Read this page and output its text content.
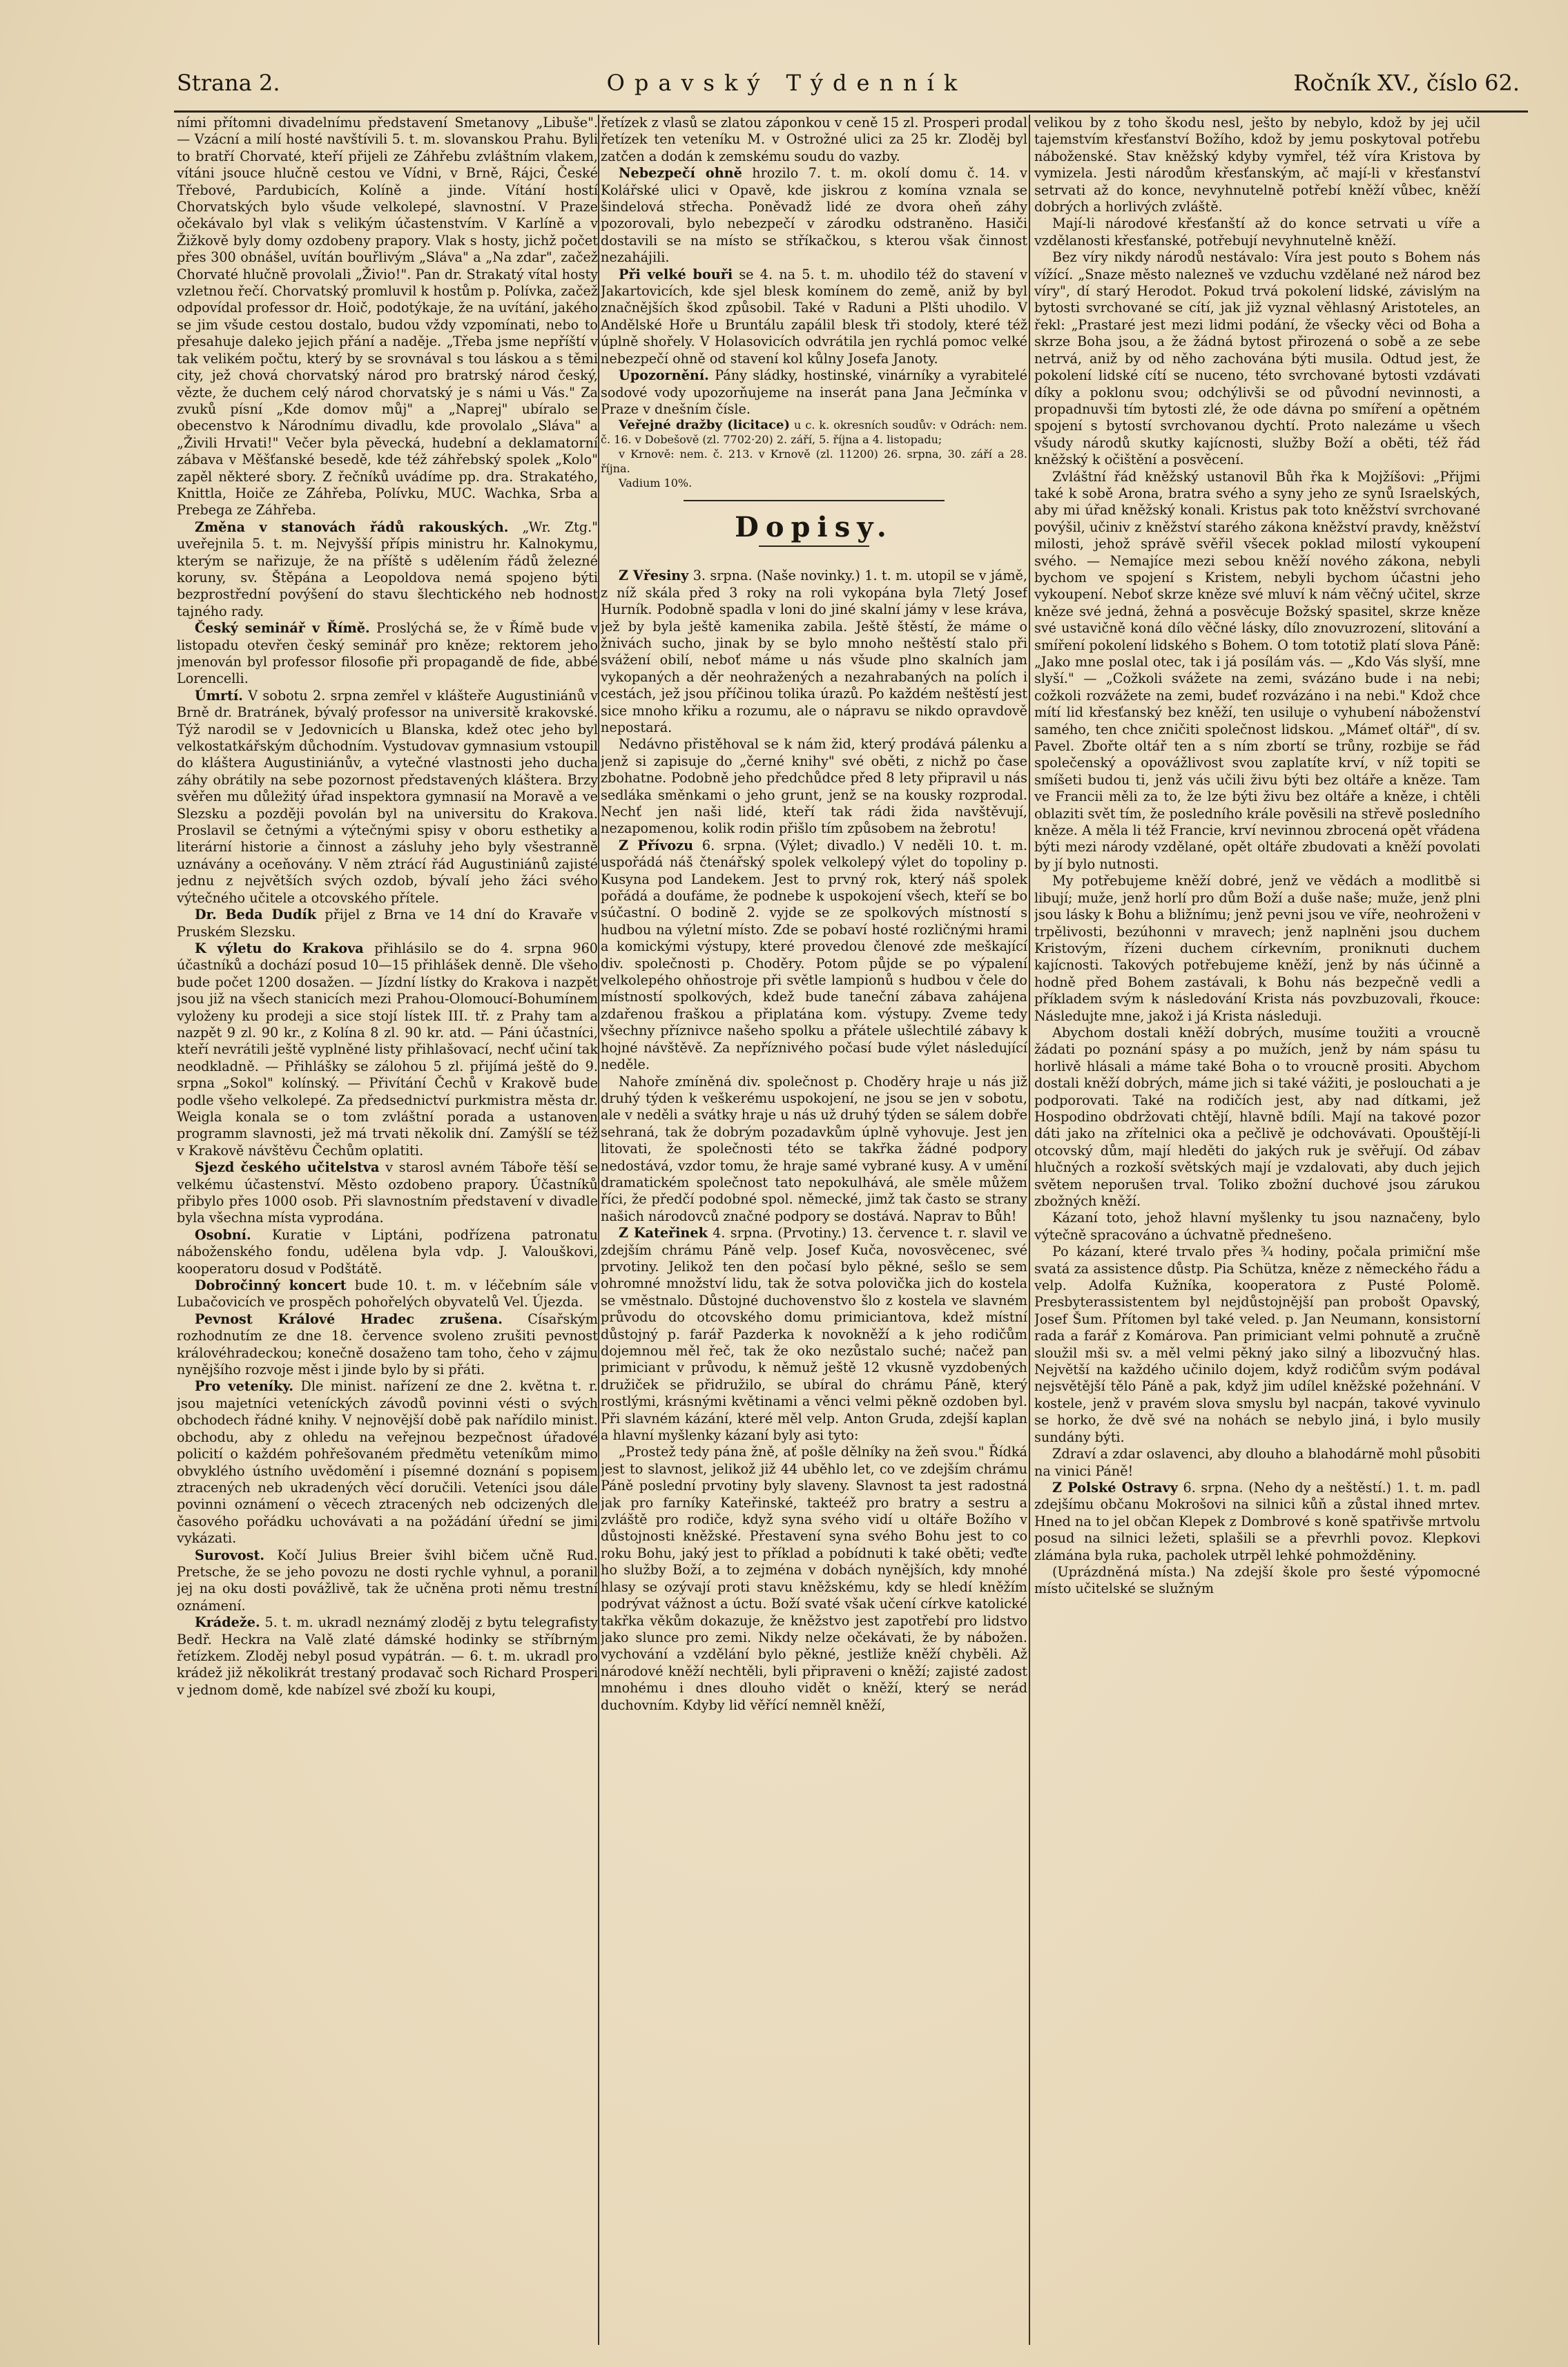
Strana 2.	Opavský Týdenník	Ročník XV., číslo 62.

ními přítomni divadelnímu představení Smetanovy „Libuše". — Vzácní a milí hosté navštívili 5. t. m. slovanskou Prahu. Byli to bratří Chorvaté, kteří přijeli ze Záhřebu zvláštním vlakem, vítáni jsouce hlučně cestou ve Vídni, v Brně, Rájci, České Třebové, Pardubicích, Kolíně a jinde. Vítání hostí Chorvatských bylo všude velkolepé, slavnostní. V Praze očekávalo byl vlak s velikým účastenstvím. V Karlíně a v Žižkově byly domy ozdobeny prapory. Vlak s hosty, jichž počet přes 300 obnášel, uvítán bouřlivým „Sláva" a „Na zdar", začež Chorvaté hlučně provolali „Živio!". Pan dr. Strakatý vítal hosty vzletnou řečí. Chorvatský promluvil k hostům p. Polívka, začež odpovídal professor dr. Hoič, podotýkaje, že na uvítání, jakého se jim všude cestou dostalo, budou vždy vzpomínati, nebo to přesahuje daleko jejich přání a naděje. „Třeba jsme nepříští v tak velikém počtu, který by se srovnával s tou láskou a s těmi city, jež chová chorvatský národ pro bratrský národ český, vězte, že duchem celý národ chorvatský je s námi u Vás." Za zvuků písní „Kde domov můj" a „Naprej" ubíralo se obecenstvo k Národnímu divadlu, kde provolalo „Sláva" a „Živili Hrvati!" Večer byla pěvecká, hudební a deklamatorní zábava v Měšťanské besedě, kde též záhřebský spolek „Kolo" zapěl některé sbory. Z řečníků uvádíme pp. dra. Strakatého, Knittla, Hoiče ze Záhřeba, Polívku, MUC. Wachka, Srba a Prebega ze Záhřeba.

Změna v stanovách řádů rakouských. „Wr. Ztg." uveřejnila 5. t. m. Nejvyšší přípis ministru hr. Kalnokymu, kterým se nařizuje, že na příště s udělením řádů železné koruny, sv. Štěpána a Leopoldova nemá spojeno býti bezprostřední povýšení do stavu šlechtického neb hodnost tajného rady.

Český seminář v Římě. Proslýchá se, že v Římě bude v listopadu otevřen český seminář pro kněze; rektorem jeho jmenován byl professor filosofie při propagandě de fide, abbé Lorencelli.

Úmrtí. V sobotu 2. srpna zemřel v klášteře Augustiniánů v Brně dr. Bratránek, bývalý professor na universitě krakovské. Týž narodil se v Jedovnicích u Blanska, kdež otec jeho byl velkostatkářským důchodním. Vystudovav gymnasium vstoupil do kláštera Augustiniánův, a vytečné vlastnosti jeho ducha záhy obrátily na sebe pozornost představených kláštera. Brzy svěřen mu důležitý úřad inspektora gymnasií na Moravě a ve Slezsku a později povolán byl na universitu do Krakova. Proslavil se četnými a výtečnými spisy v oboru esthetiky a literární historie a činnost a zásluhy jeho byly všestranně uznávány a oceňovány. V něm ztrácí řád Augustiniánů zajisté jednu z největších svých ozdob, bývalí jeho žáci svého výtečného učitele a otcovského přítele.

Dr. Beda Dudík přijel z Brna ve 14 dní do Kravaře v Pruském Slezsku.

K výletu do Krakova přihlásilo se do 4. srpna 960 účastníků a dochází posud 10—15 přihlášek denně. Dle všeho bude počet 1200 dosažen. — Jízdní lístky do Krakova i nazpět jsou již na všech stanicích mezi Prahou-Olomoucí-Bohumínem vyloženy ku prodeji a sice stojí lístek III. tř. z Prahy tam a nazpět 9 zl. 90 kr., z Kolína 8 zl. 90 kr. atd. — Páni účastníci, kteří nevrátili ještě vyplněné listy přihlašovací, nechť učiní tak neodkladně. — Přihlášky se zálohou 5 zl. přijímá ještě do 9. srpna „Sokol" kolínský. — Přivítání Čechů v Krakově bude podle všeho velkolepé. Za předsednictví purkmistra města dr. Weigla konala se o tom zvláštní porada a ustanoven programm slavnosti, jež má trvati několik dní. Zamýšlí se též v Krakově návštěvu Čechům oplatiti.

Sjezd českého učitelstva v starosl avném Táboře těší se velkému účastenství. Město ozdobeno prapory. Účastníků přibylo přes 1000 osob. Při slavnostním představení v divadle byla všechna místa vyprodána.

Osobní. Kuratie v Liptáni, podřízena patronatu náboženského fondu, udělena byla vdp. J. Valouškovi, kooperatoru dosud v Podštátě.

Dobročinný koncert bude 10. t. m. v léčebním sále v Lubačovicích ve prospěch pohořelých obyvatelů Vel. Újezda.

Pevnost Králové Hradec zrušena. Císařským rozhodnutím ze dne 18. července svoleno zrušiti pevnost královéhradeckou; konečně dosaženo tam toho, čeho v zájmu nynějšího rozvoje měst i jinde bylo by si přáti.

Pro veteníky. Dle minist. nařízení ze dne 2. května t. r. jsou majetníci veteníckých závodů povinni vésti o svých obchodech řádné knihy. V nejnovější době pak nařídilo minist. obchodu, aby z ohledu na veřejnou bezpečnost úřadové policití o každém pohřešovaném předmětu veteníkům mimo obvyklého ústního uvědomění i písemné doznání s popisem ztracených neb ukradených věcí doručili. Veteníci jsou dále povinni oznámení o věcech ztracených neb odcizených dle časového pořádku uchovávati a na požádání úřední se jimi vykázati.

Surovost. Kočí Julius Breier švihl bičem učně Rud. Pretsche, že se jeho povozu ne dosti rychle vyhnul, a poranil jej na oku dosti povážlivě, tak že učněna proti němu trestní oznámení.

Krádeže. 5. t. m. ukradl neznámý zloděj z bytu telegrafisty Bedř. Heckra na Valě zlaté dámské hodinky se stříbrným řetízkem. Zloděj nebyl posud vypátrán. — 6. t. m. ukradl pro krádež již několikrát trestaný prodavač soch Richard Prosperi v jednom domě, kde nabízel své zboží ku koupi,

řetízek z vlasů se zlatou záponkou v ceně 15 zl. Prosperi prodal řetízek ten veteníku M. v Ostrožné ulici za 25 kr. Zloděj byl zatčen a dodán k zemskému soudu do vazby.

Nebezpečí ohně hrozilo 7. t. m. okolí domu č. 14. v Kolářské ulici v Opavě, kde jiskrou z komína vznala se šindelová střecha. Poněvadž lidé ze dvora oheň záhy pozorovali, bylo nebezpečí v zárodku odstraněno. Hasiči dostavili se na místo se stříkačkou, s kterou však činnost nezahájili.

Při velké bouři se 4. na 5. t. m. uhodilo též do stavení v Jakartovicích, kde sjel blesk komínem do země, aniž by byl značnějších škod způsobil. Také v Raduni a Plšti uhodilo. V Andělské Hoře u Bruntálu zapálil blesk tři stodoly, které též úplně shořely. V Holasovicích odvrátila jen rychlá pomoc velké nebezpečí ohně od stavení kol kůlny Josefa Janoty.

Upozornění. Pány sládky, hostinské, vinárníky a vyrabitelé sodové vody upozorňujeme na inserát pana Jana Ječmínka v Praze v dnešním čísle.

Veřejné dražby (licitace) u c. k. okresních soudův: v Odrách: nem. č. 16. v Dobešově (zl. 7702·20) 2. září, 5. října a 4. listopadu;

v Krnově: nem. č. 213. v Krnově (zl. 11200) 26. srpna, 30. září a 28. října.

Vadium 10%.

Dopisy.

Z Vřesiny 3. srpna. (Naše novinky.) 1. t. m. utopil se v jámě, z níž skála před 3 roky na roli vykopána byla 7letý Josef Hurník. Podobně spadla v loni do jiné skalní jámy v lese kráva, jež by byla ještě kamenika zabila. Ještě štěstí, že máme o žnivách sucho, jinak by se bylo mnoho neštěstí stalo při svážení obilí, neboť máme u nás všude plno skalních jam vykopaných a děr neohražených a nezahrabaných na polích i cestách, jež jsou příčinou tolika úrazů. Po každém neštěstí jest sice mnoho křiku a rozumu, ale o nápravu se nikdo opravdově nepostará.

Nedávno přistěhoval se k nám žid, který prodává pálenku a jenž si zapisuje do „černé knihy" své oběti, z nichž po čase zbohatne. Podobně jeho předchůdce před 8 lety připravil u nás sedláka směnkami o jeho grunt, jenž se na kousky rozprodal. Nechť jen naši lidé, kteří tak rádi žida navštěvují, nezapomenou, kolik rodin přišlo tím způsobem na žebrotu!

Z Přívozu 6. srpna. (Výlet; divadlo.) V neděli 10. t. m. uspořádá náš čtenářský spolek velkolepý výlet do topoliny p. Kusyna pod Landekem. Jest to prvný rok, který náš spolek pořádá a doufáme, že podnebe k uspokojení všech, kteří se bo súčastní. O bodině 2. vyjde se ze spolkových místností s hudbou na výletní místo. Zde se pobaví hosté rozličnými hrami a komickými výstupy, které provedou členové zde meškající div. společnosti p. Choděry. Potom půjde se po výpalení velkolepého ohňostroje při světle lampionů s hudbou v čele do místností spolkových, kdež bude taneční zábava zahájena zdařenou fraškou a připlatána kom. výstupy. Zveme tedy všechny příznivce našeho spolku a přátele ušlechtilé zábavy k hojné návštěvě. Za nepříznivého počasí bude výlet následující neděle.

Nahoře zmíněná div. společnost p. Choděry hraje u nás již druhý týden k veškerému uspokojení, ne jsou se jen v sobotu, ale v neděli a svátky hraje u nás už druhý týden se sálem dobře sehraná, tak že dobrým pozadavkům úplně vyhovuje. Jest jen litovati, že společnosti této se takřka žádné podpory nedostává, vzdor tomu, že hraje samé vybrané kusy. A v umění dramatickém společnost tato nepokulhává, ale směle můžem říci, že předčí podobné spol. německé, jimž tak často se strany našich národovců značné podpory se dostává. Naprav to Bůh!

Z Kateřinek 4. srpna. (Prvotiny.) 13. července t. r. slavil ve zdejším chrámu Páně velp. Josef Kuča, novosvěcenec, své prvotiny. Jelikož ten den počasí bylo pěkné, sešlo se sem ohromné množství lidu, tak že sotva polovička jich do kostela se vměstnalo. Důstojné duchovenstvo šlo z kostela ve slavném průvodu do otcovského domu primiciantova, kdež místní důstojný p. farář Pazderka k novokněží a k jeho rodičům dojemnou měl řeč, tak že oko nezůstalo suché; načež pan primiciant v průvodu, k němuž ještě 12 vkusně vyzdobených družiček se přidružilo, se ubíral do chrámu Páně, který rostlými, krásnými květinami a věnci velmi pěkně ozdoben byl. Při slavném kázání, které měl velp. Anton Gruda, zdejší kaplan a hlavní myšlenky kázaní byly asi tyto:

„Prostež tedy pána žně, ať pošle dělníky na žeň svou." Řídká jest to slavnost, jelikož již 44 uběhlo let, co ve zdejším chrámu Páně poslední prvotiny byly slaveny. Slavnost ta jest radostná jak pro farníky Kateřinské, takteéž pro bratry a sestru a zvláště pro rodiče, když syna svého vidí u oltáře Božího v důstojnosti kněžské. Přestavení syna svého Bohu jest to co roku Bohu, jaký jest to příklad a pobídnuti k také oběti; veďte ho služby Boží, a to zejména v dobách nynějších, kdy mnohé hlasy se ozývají proti stavu kněžskému, kdy se hledí kněžím podrývat vážnost a úctu. Boží svaté však učení církve katolické takřka věkům dokazuje, že kněžstvo jest zapotřebí pro lidstvo jako slunce pro zemi. Nikdy nelze očekávati, že by nábožen. vychování a vzdělání bylo pěkné, jestliže kněží chyběli. Až národové kněží nechtěli, byli připraveni o kněží; zajisté zadost mnohému i dnes dlouho vidět o kněží, který se nerád duchovním. Kdyby lid věřící nemněl kněží,

velikou by z toho škodu nesl, ješto by nebylo, kdož by jej učil tajemstvím křesťanství Božího, kdož by jemu poskytoval potřebu náboženské. Stav kněžský kdyby vymřel, též víra Kristova by vymizela. Jesti národům křesťanským, ač mají-li v křesťanství setrvati až do konce, nevyhnutelně potřebí kněží vůbec, kněží dobrých a horlivých zvláště.

Mají-li národové křesťanští až do konce setrvati u víře a vzdělanosti křesťanské, potřebují nevyhnutelně kněží.

Bez víry nikdy národů nestávalo: Víra jest pouto s Bohem nás vížící. „Snaze město nalezneš ve vzduchu vzdělané než národ bez víry", dí starý Herodot. Pokud trvá pokolení lidské, závislým na bytosti svrchované se cítí, jak již vyznal věhlasný Aristoteles, an řekl: „Prastaré jest mezi lidmi podání, že všecky věci od Boha a skrze Boha jsou, a že žádná bytost přirozená o sobě a ze sebe netrvá, aniž by od něho zachována býti musila. Odtud jest, že pokolení lidské cítí se nuceno, této svrchované bytosti vzdávati díky a poklonu svou; odchýlivši se od původní nevinnosti, a propadnuvši tím bytosti zlé, že ode dávna po smíření a opětném spojení s bytostí svrchovanou dychtí. Proto nalezáme u všech všudy národů skutky kajícnosti, služby Boží a oběti, též řád kněžský k očištění a posvěcení.

Zvláštní řád kněžský ustanovil Bůh řka k Mojžíšovi: „Přijmi také k sobě Arona, bratra svého a syny jeho ze synů Israelských, aby mi úřad kněžský konali. Kristus pak toto kněžství svrchované povýšil, učiniv z kněžství starého zákona kněžství pravdy, kněžství milosti, jehož správě svěřil všecek poklad milostí vykoupení svého. — Nemajíce mezi sebou kněží nového zákona, nebyli bychom ve spojení s Kristem, nebyli bychom účastni jeho vykoupení. Neboť skrze kněze své mluví k nám věčný učitel, skrze kněze své jedná, žehná a posvěcuje Božský spasitel, skrze kněze své ustavičně koná dílo věčné lásky, dílo znovuzrození, slitování a smíření pokolení lidského s Bohem. O tom tototiž platí slova Páně: „Jako mne poslal otec, tak i já posílám vás. — „Kdo Vás slyší, mne slyší." — „Cožkoli svážete na zemi, svázáno bude i na nebi; cožkoli rozvážete na zemi, budeť rozvázáno i na nebi." Kdož chce mítí lid křesťanský bez kněží, ten usiluje o vyhubení náboženství samého, ten chce zničiti společnost lidskou. „Mámeť oltář", dí sv. Pavel. Zbořte oltář ten a s ním zbortí se trůny, rozbije se řád společenský a opovážlivost svou zaplatíte krví, v níž topiti se smíšeti budou ti, jenž vás učili živu býti bez oltáře a kněze. Tam ve Francii měli za to, že lze býti živu bez oltáře a kněze, i chtěli oblaziti svět tím, že posledního krále pověsili na střevě posledního kněze. A měla li též Francie, krví nevinnou zbrocená opět vřádena býti mezi národy vzdělané, opět oltáře zbudovati a kněží povolati by jí bylo nutnosti.

My potřebujeme kněží dobré, jenž ve vědách a modlitbě si libují; muže, jenž horlí pro dům Boží a duše naše; muže, jenž plni jsou lásky k Bohu a bližnímu; jenž pevni jsou ve víře, neohroženi v trpělivosti, bezúhonni v mravech; jenž naplněni jsou duchem Kristovým, řízeni duchem církevním, proniknuti duchem kajícnosti. Takových potřebujeme kněží, jenž by nás účinně a hodně před Bohem zastávali, k Bohu nás bezpečně vedli a příkladem svým k následování Krista nás povzbuzovali, řkouce: Následujte mne, jakož i já Krista následuji.

Abychom dostali kněží dobrých, musíme toužiti a vroucně žádati po poznání spásy a po mužích, jenž by nám spásu tu horlivě hlásali a máme také Boha o to vroucně prositi. Abychom dostali kněží dobrých, máme jich si také vážiti, je poslouchati a je podporovati. Také na rodičích jest, aby nad dítkami, jež Hospodino obdržovati chtějí, hlavně bdíli. Mají na takové pozor dáti jako na zřítelnici oka a pečlivě je odchovávati. Opouštějí-li otcovský dům, mají hleděti do jakých ruk je svěřují. Od zábav hlučných a rozkoší světských mají je vzdalovati, aby duch jejich světem neporušen trval. Toliko zbožní duchové jsou zárukou zbožných kněží.

Kázaní toto, jehož hlavní myšlenky tu jsou naznačeny, bylo výtečně spracováno a úchvatně přednešeno.

Po kázaní, které trvalo přes ¾ hodiny, počala primiční mše svatá za assistence důstp. Pia Schütza, kněze z německého řádu a velp. Adolfa Kužníka, kooperatora z Pusté Polomě. Presbyterassistentem byl nejdůstojnější pan probošt Opavský, Josef Šum. Přítomen byl také veled. p. Jan Neumann, konsistorní rada a farář z Komárova. Pan primiciant velmi pohnutě a zručně sloužil mši sv. a měl velmi pěkný jako silný a libozvučný hlas. Největší na každého učinilo dojem, když rodičům svým podával nejsvětější tělo Páně a pak, když jim udílel kněžské požehnání. V kostele, jenž v pravém slova smyslu byl nacpán, takové vyvinulo se horko, že dvě své na nohách se nebylo jiná, i bylo musily sundány býti.

Zdraví a zdar oslavenci, aby dlouho a blahodárně mohl působiti na vinici Páně!

Z Polské Ostravy 6. srpna. (Neho dy a neštěstí.) 1. t. m. padl zdejšímu občanu Mokrošovi na silnici kůň a zůstal ihned mrtev. Hned na to jel občan Klepek z Dombrové s koně spatřivše mrtvolu posud na silnici ležeti, splašili se a převrhli povoz. Klepkovi zlámána byla ruka, pacholek utrpěl lehké pohmožděniny.

(Uprázdněná místa.) Na zdejší škole pro šesté výpomocné místo učitelské se služným
